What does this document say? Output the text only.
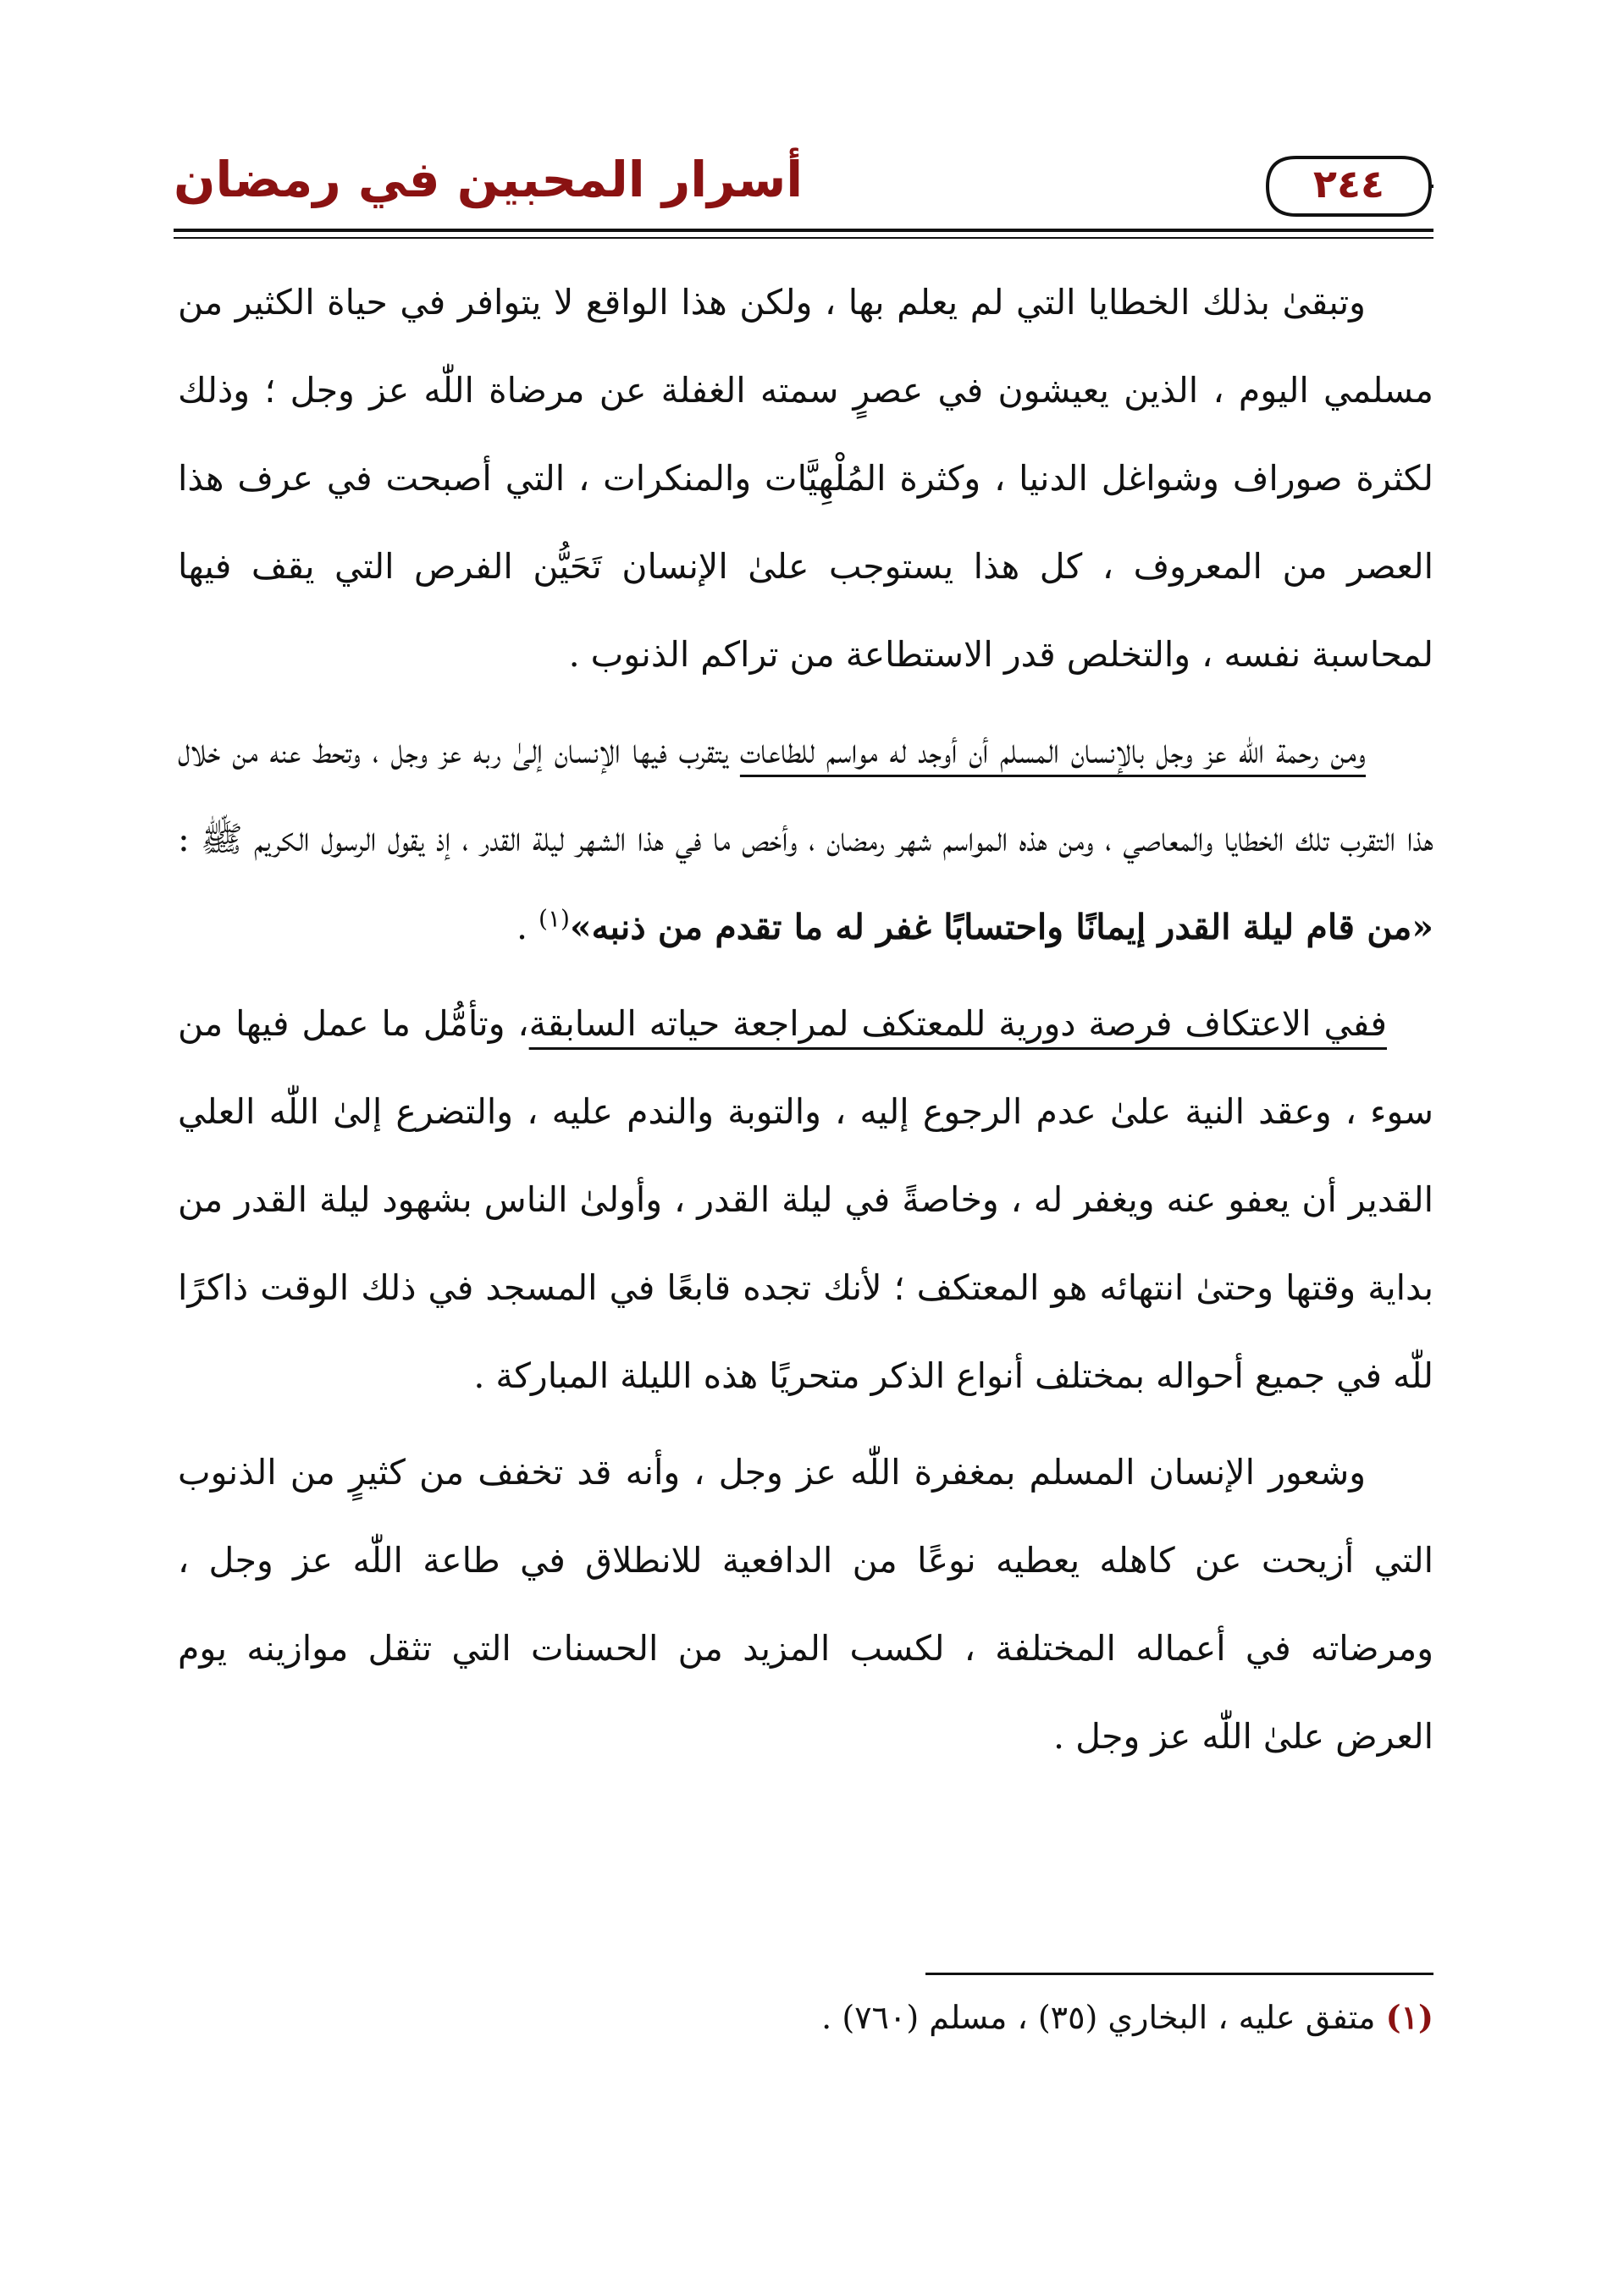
٢٤٤
أسرار المحبين في رمضان

وتبقىٰ بذلك الخطايا التي لم يعلم بها ، ولكن هذا الواقع لا يتوافر في حياة الكثير من مسلمي اليوم ، الذين يعيشون في عصرٍ سمته الغفلة عن مرضاة اللّٰه عز وجل ؛ وذلك لكثرة صوراف وشواغل الدنيا ، وكثرة المُلْهِيَّات والمنكرات ، التي أصبحت في عرف هذا العصر من المعروف ، كل هذا يستوجب علىٰ الإنسان تَحَيُّن الفرص التي يقف فيها لمحاسبة نفسه ، والتخلص قدر الاستطاعة من تراكم الذنوب .

ومن رحمة اللّٰه عز وجل بالإنسان المسلم أن أوجد له مواسم للطاعات يتقرب فيها الإنسان إلىٰ ربه عز وجل ، وتحط عنه من خلال هذا التقرب تلك الخطايا والمعاصي ، ومن هذه المواسم شهر رمضان ، وأخص ما في هذا الشهر ليلة القدر ، إذ يقول الرسول الكريم ﷺ : «من قام ليلة القدر إيمانًا واحتسابًا غفر له ما تقدم من ذنبه»$^{(١)}$ .

ففي الاعتكاف فرصة دورية للمعتكف لمراجعة حياته السابقة، وتأمُّل ما عمل فيها من سوء ، وعقد النية علىٰ عدم الرجوع إليه ، والتوبة والندم عليه ، والتضرع إلىٰ اللّٰه العلي القدير أن يعفو عنه ويغفر له ، وخاصةً في ليلة القدر ، وأولىٰ الناس بشهود ليلة القدر من بداية وقتها وحتىٰ انتهائه هو المعتكف ؛ لأنك تجده قابعًا في المسجد في ذلك الوقت ذاكرًا للّٰه في جميع أحواله بمختلف أنواع الذكر متحريًا هذه الليلة المباركة .

وشعور الإنسان المسلم بمغفرة اللّٰه عز وجل ، وأنه قد تخفف من كثيرٍ من الذنوب التي أزيحت عن كاهله يعطيه نوعًا من الدافعية للانطلاق في طاعة اللّٰه عز وجل ، ومرضاته في أعماله المختلفة ، لكسب المزيد من الحسنات التي تثقل موازينه يوم العرض علىٰ اللّٰه عز وجل .

(١) متفق عليه ، البخاري (٣٥) ، مسلم (٧٦٠) .
